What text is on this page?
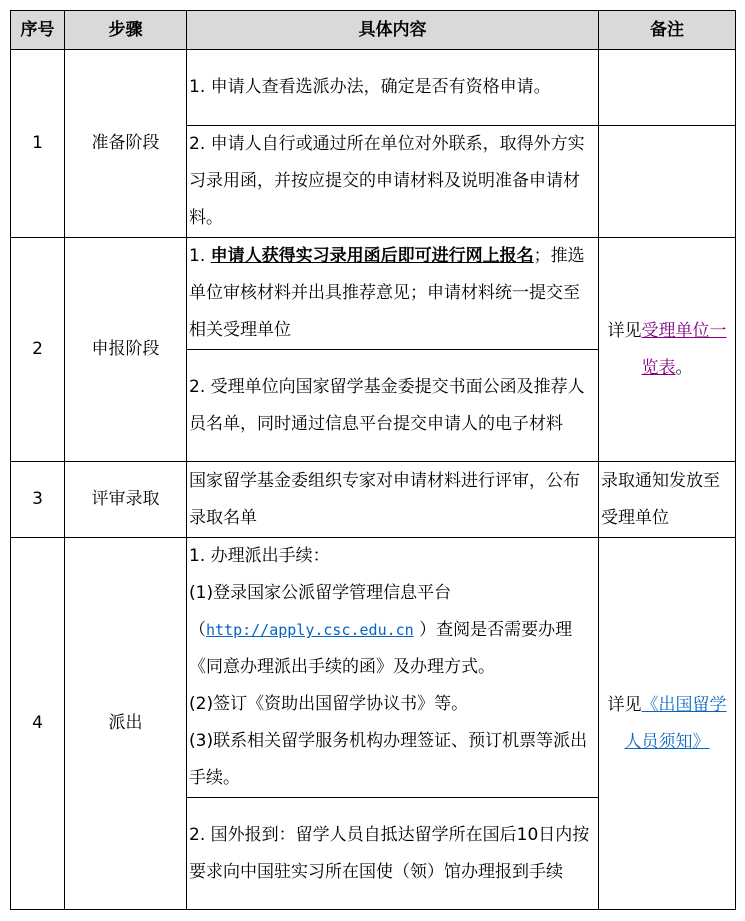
序号	步骤	具体内容	备注
1	准备阶段	1. 申请人查看选派办法，确定是否有资格申请。	
		2. 申请人自行或通过所在单位对外联系，取得外方实习录用函，并按应提交的申请材料及说明准备申请材料。	
2	申报阶段	1. 申请人获得实习录用函后即可进行网上报名；推选单位审核材料并出具推荐意见；申请材料统一提交至相关受理单位	详见受理单位一览表。
		2. 受理单位向国家留学基金委提交书面公函及推荐人员名单，同时通过信息平台提交申请人的电子材料	
3	评审录取	国家留学基金委组织专家对申请材料进行评审，公布录取名单	录取通知发放至受理单位
4	派出	1. 办理派出手续：
(1)登录国家公派留学管理信息平台
（http://apply.csc.edu.cn ）查阅是否需要办理《同意办理派出手续的函》及办理方式。
(2)签订《资助出国留学协议书》等。
(3)联系相关留学服务机构办理签证、预订机票等派出手续。	详见《出国留学人员须知》
		2. 国外报到：留学人员自抵达留学所在国后10日内按要求向中国驻实习所在国使（领）馆办理报到手续	
